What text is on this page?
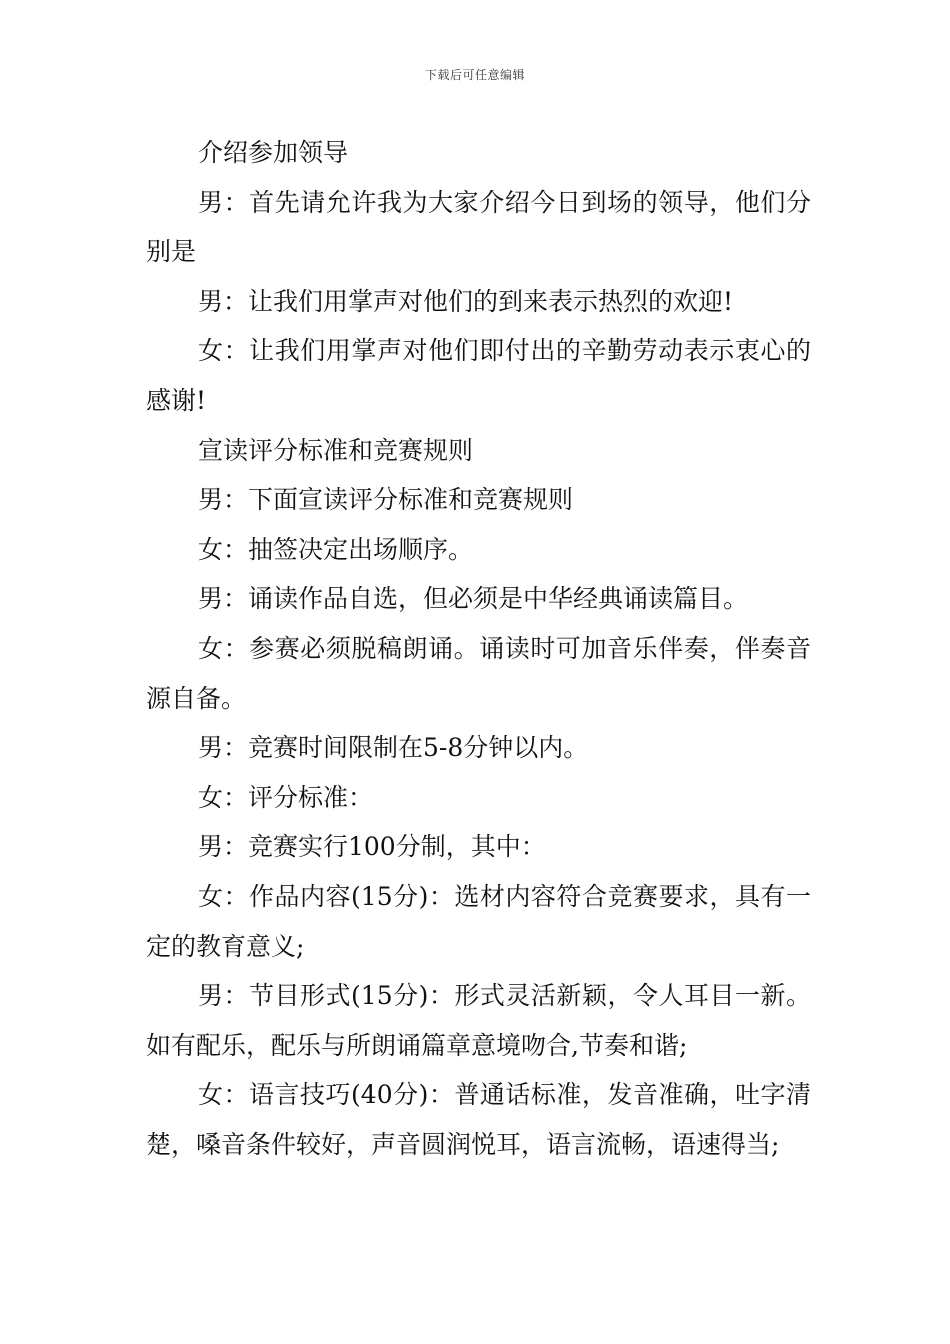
下载后可任意编辑

介绍参加领导

男：首先请允许我为大家介绍今日到场的领导，他们分别是

男：让我们用掌声对他们的到来表示热烈的欢迎!

女：让我们用掌声对他们即付出的辛勤劳动表示衷心的感谢!

宣读评分标准和竞赛规则

男：下面宣读评分标准和竞赛规则

女：抽签决定出场顺序。

男：诵读作品自选，但必须是中华经典诵读篇目。

女：参赛必须脱稿朗诵。诵读时可加音乐伴奏，伴奏音源自备。

男：竞赛时间限制在5-8分钟以内。

女：评分标准：

男：竞赛实行100分制，其中：

女：作品内容(15分)：选材内容符合竞赛要求，具有一定的教育意义;

男：节目形式(15分)：形式灵活新颖，令人耳目一新。如有配乐，配乐与所朗诵篇章意境吻合,节奏和谐;

女：语言技巧(40分)：普通话标准，发音准确，吐字清楚，嗓音条件较好，声音圆润悦耳，语言流畅，语速得当;
